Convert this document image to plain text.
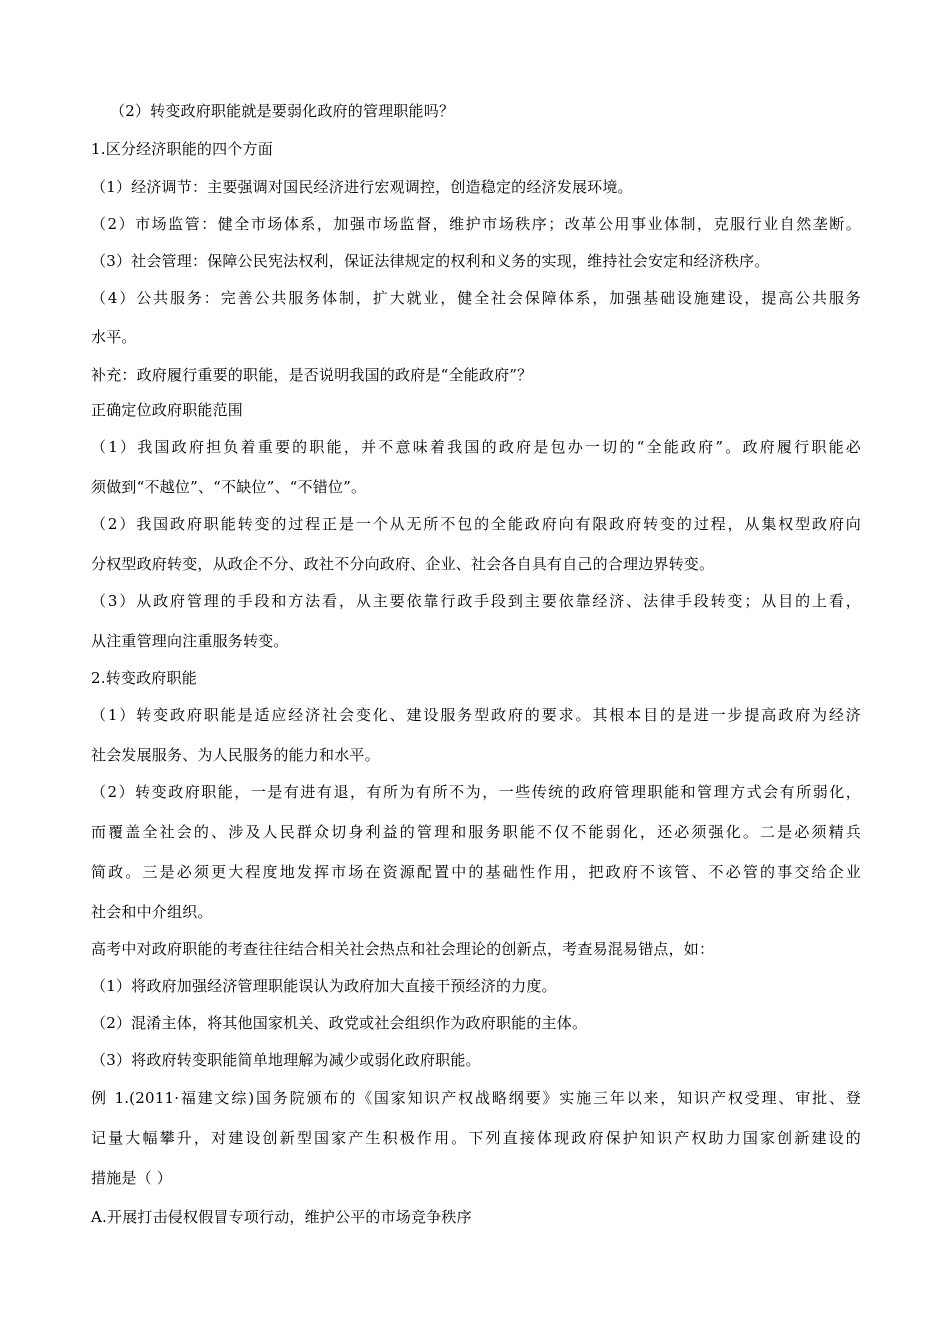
（2）转变政府职能就是要弱化政府的管理职能吗？
1.区分经济职能的四个方面
（1）经济调节：主要强调对国民经济进行宏观调控，创造稳定的经济发展环境。
（2）市场监管：健全市场体系，加强市场监督，维护市场秩序；改革公用事业体制，克服行业自然垄断。
（3）社会管理：保障公民宪法权利，保证法律规定的权利和义务的实现，维持社会安定和经济秩序。
（4）公共服务：完善公共服务体制，扩大就业，健全社会保障体系，加强基础设施建设，提高公共服务
水平。
补充：政府履行重要的职能，是否说明我国的政府是“全能政府”？
正确定位政府职能范围
（1）我国政府担负着重要的职能，并不意味着我国的政府是包办一切的“全能政府”。政府履行职能必
须做到“不越位”、“不缺位”、“不错位”。
（2）我国政府职能转变的过程正是一个从无所不包的全能政府向有限政府转变的过程，从集权型政府向
分权型政府转变，从政企不分、政社不分向政府、企业、社会各自具有自己的合理边界转变。
（3）从政府管理的手段和方法看，从主要依靠行政手段到主要依靠经济、法律手段转变；从目的上看，
从注重管理向注重服务转变。
2.转变政府职能
（1）转变政府职能是适应经济社会变化、建设服务型政府的要求。其根本目的是进一步提高政府为经济
社会发展服务、为人民服务的能力和水平。
（2）转变政府职能，一是有进有退，有所为有所不为，一些传统的政府管理职能和管理方式会有所弱化，
而覆盖全社会的、涉及人民群众切身利益的管理和服务职能不仅不能弱化，还必须强化。二是必须精兵
简政。三是必须更大程度地发挥市场在资源配置中的基础性作用，把政府不该管、不必管的事交给企业
社会和中介组织。
高考中对政府职能的考查往往结合相关社会热点和社会理论的创新点，考查易混易错点，如：
（1）将政府加强经济管理职能误认为政府加大直接干预经济的力度。
（2）混淆主体，将其他国家机关、政党或社会组织作为政府职能的主体。
（3）将政府转变职能简单地理解为减少或弱化政府职能。
例 1.(2011·福建文综)国务院颁布的《国家知识产权战略纲要》实施三年以来，知识产权受理、审批、登
记量大幅攀升，对建设创新型国家产生积极作用。下列直接体现政府保护知识产权助力国家创新建设的
措施是（ ）
A.开展打击侵权假冒专项行动，维护公平的市场竞争秩序
